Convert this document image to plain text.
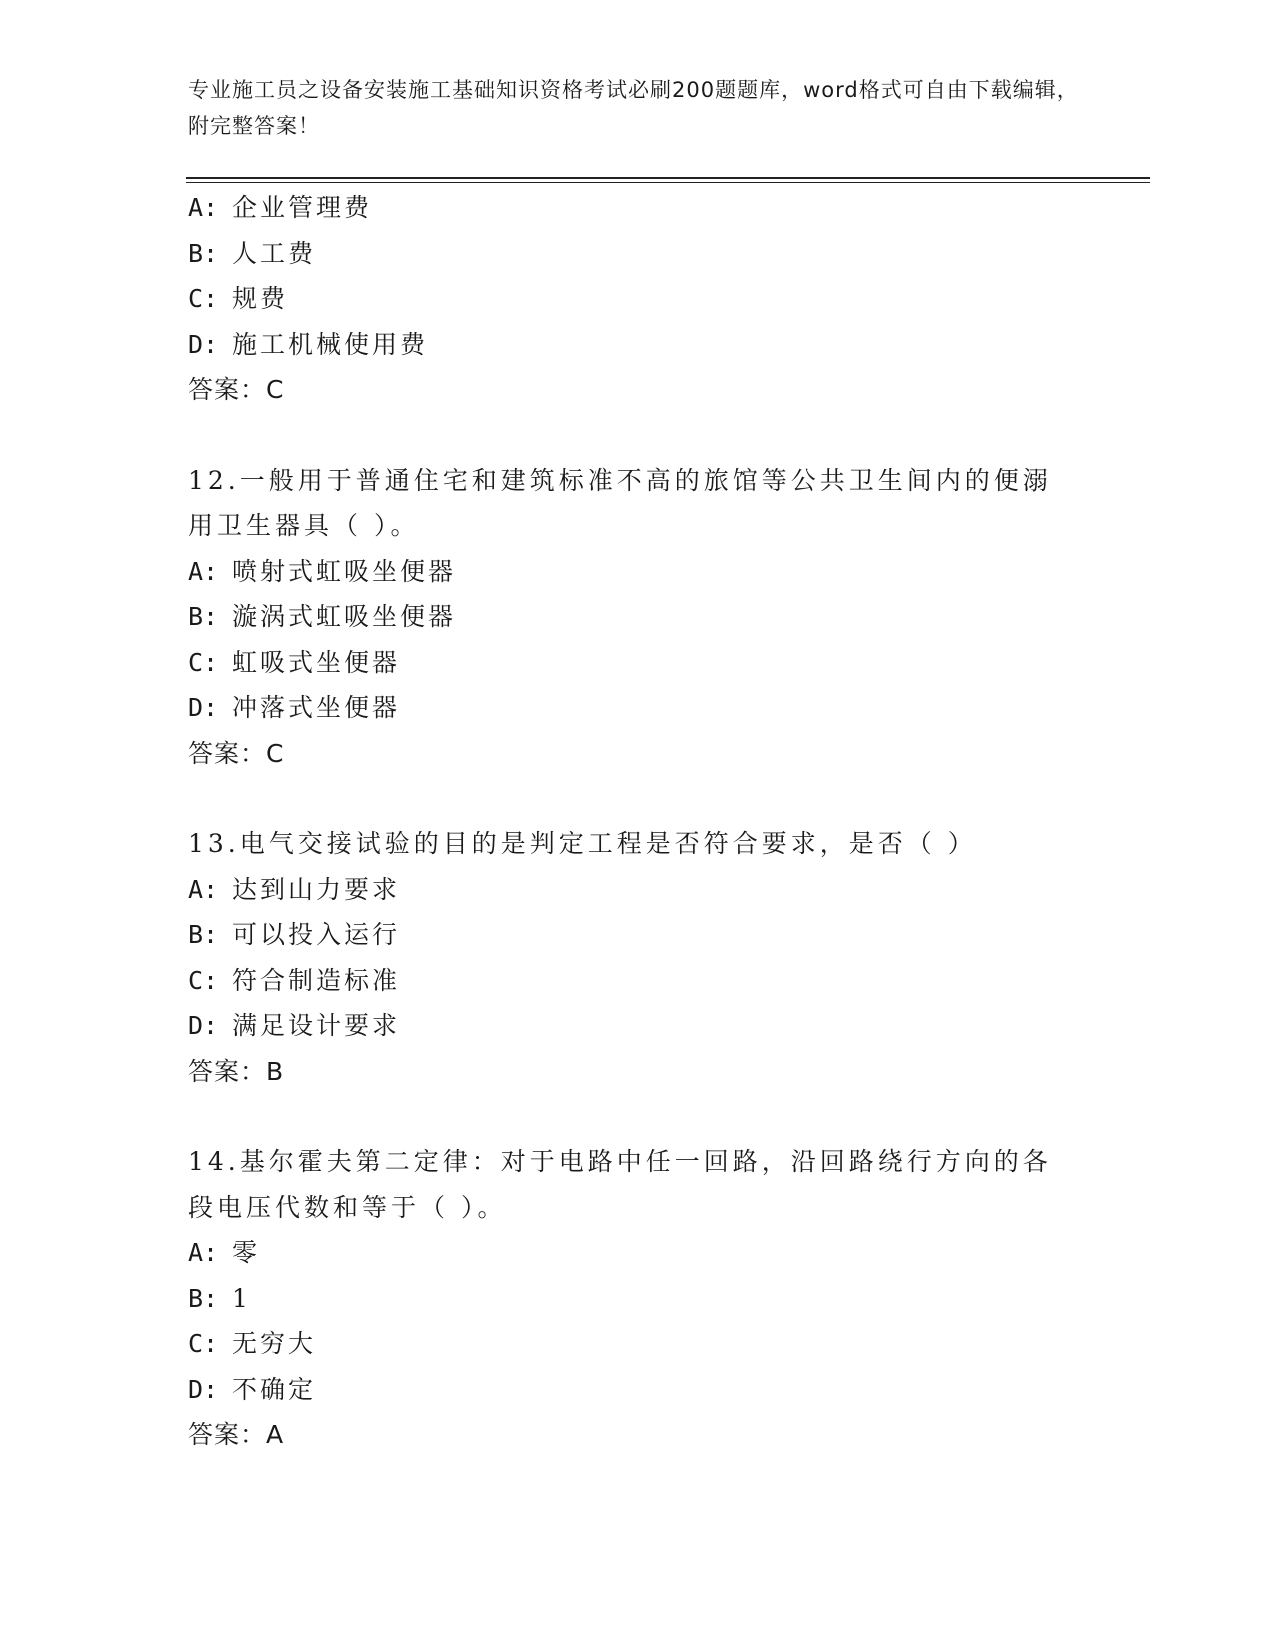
专业施工员之设备安装施工基础知识资格考试必刷200题题库，word格式可自由下载编辑，附完整答案！
A: 企业管理费
B: 人工费
C: 规费
D: 施工机械使用费
答案：C
12.一般用于普通住宅和建筑标准不高的旅馆等公共卫生间内的便溺用卫生器具（ ）。
A: 喷射式虹吸坐便器
B: 漩涡式虹吸坐便器
C: 虹吸式坐便器
D: 冲落式坐便器
答案：C
13.电气交接试验的目的是判定工程是否符合要求，是否（ ）
A: 达到山力要求
B: 可以投入运行
C: 符合制造标准
D: 满足设计要求
答案：B
14.基尔霍夫第二定律：对于电路中任一回路，沿回路绕行方向的各段电压代数和等于（ ）。
A: 零
B: 1
C: 无穷大
D: 不确定
答案：A
